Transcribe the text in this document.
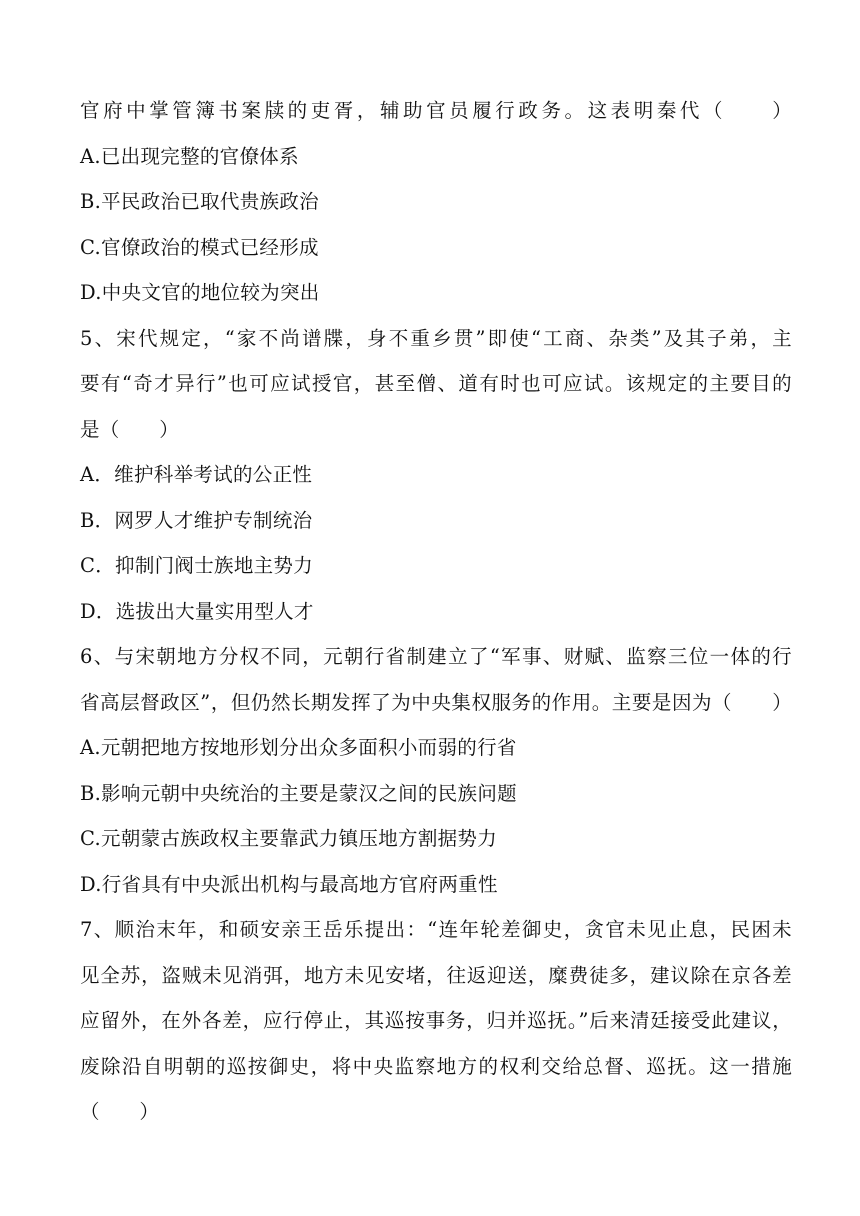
官府中掌管簿书案牍的吏胥，辅助官员履行政务。这表明秦代（　　）
A.已出现完整的官僚体系
B.平民政治已取代贵族政治
C.官僚政治的模式已经形成
D.中央文官的地位较为突出
5、宋代规定，“家不尚谱牒，身不重乡贯”即使“工商、杂类”及其子弟，主
要有“奇才异行”也可应试授官，甚至僧、道有时也可应试。该规定的主要目的
是（　　）
A．维护科举考试的公正性
B．网罗人才维护专制统治
C．抑制门阀士族地主势力
D．选拔出大量实用型人才
6、与宋朝地方分权不同，元朝行省制建立了“军事、财赋、监察三位一体的行
省高层督政区”，但仍然长期发挥了为中央集权服务的作用。主要是因为（　　）
A.元朝把地方按地形划分出众多面积小而弱的行省
B.影响元朝中央统治的主要是蒙汉之间的民族问题
C.元朝蒙古族政权主要靠武力镇压地方割据势力
D.行省具有中央派出机构与最高地方官府两重性
7、顺治末年，和硕安亲王岳乐提出：“连年轮差御史，贪官未见止息，民困未
见全苏，盗贼未见消弭，地方未见安堵，往返迎送，糜费徒多，建议除在京各差
应留外，在外各差，应行停止，其巡按事务，归并巡抚。”后来清廷接受此建议，
废除沿自明朝的巡按御史，将中央监察地方的权利交给总督、巡抚。这一措施
（　　）
